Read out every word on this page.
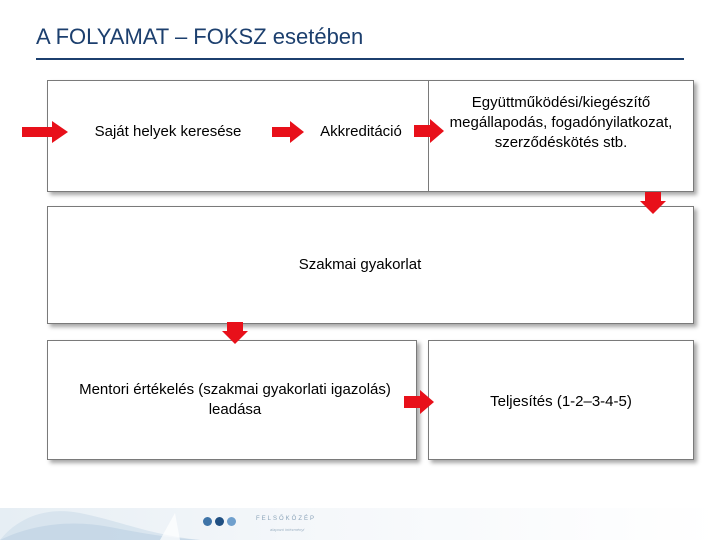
A FOLYAMAT – FOKSZ esetében
Saját helyek keresése	Akkreditáció
Együttműködési/kiegészítő megállapodás, fogadónyilatkozat, szerződéskötés stb.
Szakmai gyakorlat
Mentori értékelés (szakmai gyakorlati igazolás) leadása	Teljesítés (1-2–3-4-5)
FELSŐKÖZÉP
alapozó intézményi
